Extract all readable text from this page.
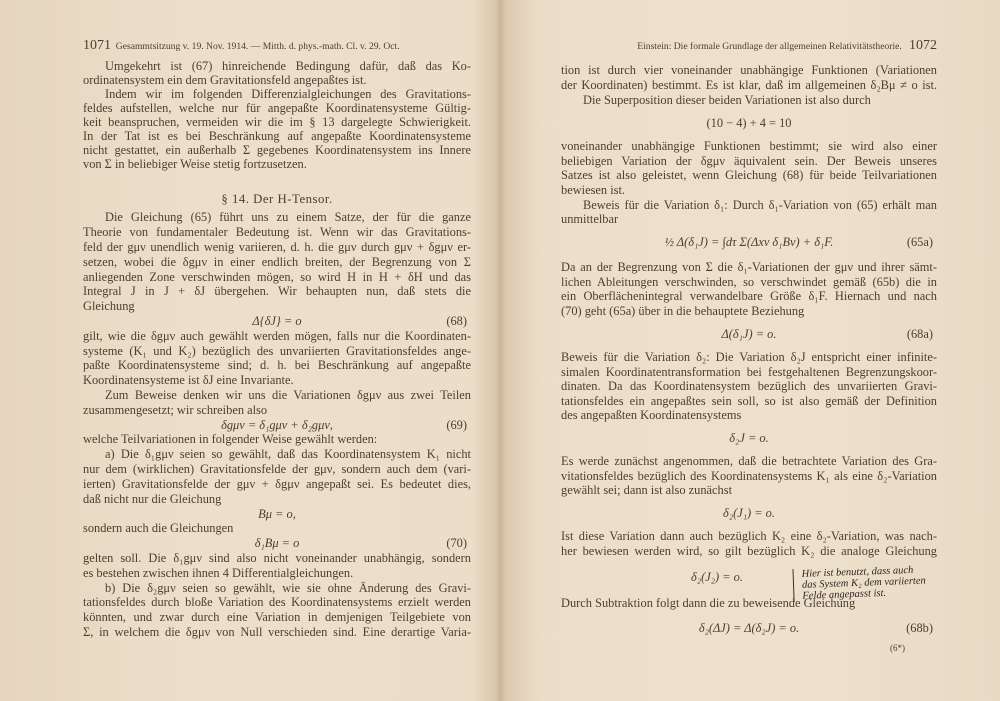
1071 Gesammtsitzung v. 19. Nov. 1914. — Mitth. d. phys.-math. Cl. v. 29. Oct.
Umgekehrt ist (67) hinreichende Bedingung dafür, daß das Ko-
ordinatensystem ein dem Gravitationsfeld angepaßtes ist.
Indem wir im folgenden Differenzialgleichungen des Gravitations-
feldes aufstellen, welche nur für angepaßte Koordinatensysteme Gültig-
keit beanspruchen, vermeiden wir die im § 13 dargelegte Schwierigkeit.
In der Tat ist es bei Beschränkung auf angepaßte Koordinatensysteme
nicht gestattet, ein außerhalb Σ gegebenes Koordinatensystem ins Innere
von Σ in beliebiger Weise stetig fortzusetzen.
§ 14. Der H-Tensor.
Die Gleichung (65) führt uns zu einem Satze, der für die ganze
Theorie von fundamentaler Bedeutung ist. Wenn wir das Gravitations-
feld der gμν unendlich wenig variieren, d. h. die gμν durch gμν + δgμν er-
setzen, wobei die δgμν in einer endlich breiten, der Begrenzung von Σ
anliegenden Zone verschwinden mögen, so wird H in H + δH und das
Integral J in J + δJ übergehen. Wir behaupten nun, daß stets die
Gleichung
Δ{δJ} = o	(68)
gilt, wie die δgμν auch gewählt werden mögen, falls nur die Koordinaten-
systeme (K₁ und K₂) bezüglich des unvariierten Gravitationsfeldes ange-
paßte Koordinatensysteme sind; d. h. bei Beschränkung auf angepaßte
Koordinatensysteme ist δJ eine Invariante.
Zum Beweise denken wir uns die Variationen δgμν aus zwei Teilen
zusammengesetzt; wir schreiben also
δgμν = δ₁gμν + δ₂gμν,	(69)
welche Teilvariationen in folgender Weise gewählt werden:
a) Die δ₁gμν seien so gewählt, daß das Koordinatensystem K₁ nicht
nur dem (wirklichen) Gravitationsfelde der gμν, sondern auch dem (vari-
ierten) Gravitationsfelde der gμν + δgμν angepaßt sei. Es bedeutet dies,
daß nicht nur die Gleichung
Bμ = o,
sondern auch die Gleichungen
δ₁Bμ = o	(70)
gelten soll. Die δ₁gμν sind also nicht voneinander unabhängig, sondern
es bestehen zwischen ihnen 4 Differentialgleichungen.
b) Die δ₂gμν seien so gewählt, wie sie ohne Änderung des Gravi-
tationsfeldes durch bloße Variation des Koordinatensystems erzielt werden
könnten, und zwar durch eine Variation in demjenigen Teilgebiete von
Σ, in welchem die δgμν von Null verschieden sind. Eine derartige Varia-
Einstein: Die formale Grundlage der allgemeinen Relativitätstheorie. 1072
tion ist durch vier voneinander unabhängige Funktionen (Variationen
der Koordinaten) bestimmt. Es ist klar, daß im allgemeinen δ₂Bμ ≠ o ist.
Die Superposition dieser beiden Variationen ist also durch
(10 − 4) + 4 = 10
voneinander unabhängige Funktionen bestimmt; sie wird also einer
beliebigen Variation der δgμν äquivalent sein. Der Beweis unseres
Satzes ist also geleistet, wenn Gleichung (68) für beide Teilvariationen
bewiesen ist.
Beweis für die Variation δ₁: Durch δ₁-Variation von (65) erhält man
unmittelbar
½ Δ(δ₁J) = ∫dτ Σ(Δxν δ₁Bν) + δ₁F.	(65a)
Da an der Begrenzung von Σ die δ₁-Variationen der gμν und ihrer sämt-
lichen Ableitungen verschwinden, so verschwindet gemäß (65b) die in
ein Oberflächenintegral verwandelbare Größe δ₁F. Hiernach und nach
(70) geht (65a) über in die behauptete Beziehung
Δ(δ₁J) = o.	(68a)
Beweis für die Variation δ₂: Die Variation δ₂J entspricht einer infinite-
simalen Koordinatentransformation bei festgehaltenen Begrenzungskoor-
dinaten. Da das Koordinatensystem bezüglich des unvariierten Gravi-
tationsfeldes ein angepaßtes sein soll, so ist also gemäß der Definition
des angepaßten Koordinatensystems
δ₂J = o.
Es werde zunächst angenommen, daß die betrachtete Variation des Gra-
vitationsfeldes bezüglich des Koordinatensystems K₁ als eine δ₂-Variation
gewählt sei; dann ist also zunächst
δ₂(J₁) = o.
Ist diese Variation dann auch bezüglich K₂ eine δ₂-Variation, was nach-
her bewiesen werden wird, so gilt bezüglich K₂ die analoge Gleichung
δ₂(J₂) = o.	Hier ist benutzt, dass auch
das System K₂ dem variierten
Felde angepasst ist.
Durch Subtraktion folgt dann die zu beweisende Gleichung
δ₂(ΔJ) = Δ(δ₂J) = o.	(68b)
(6*)
